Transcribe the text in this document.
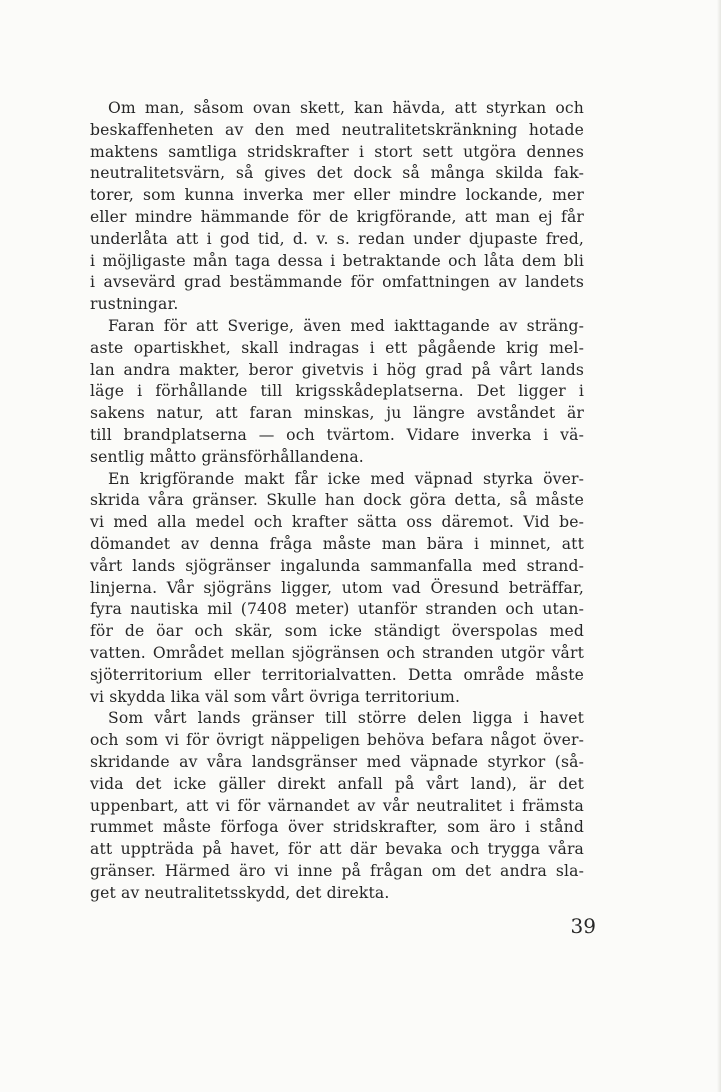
Om man, såsom ovan skett, kan hävda, att styrkan och
beskaffenheten av den med neutralitetskränkning hotade
maktens samtliga stridskrafter i stort sett utgöra dennes
neutralitetsvärn, så gives det dock så många skilda fak-
torer, som kunna inverka mer eller mindre lockande, mer
eller mindre hämmande för de krigförande, att man ej får
underlåta att i god tid, d. v. s. redan under djupaste fred,
i möjligaste mån taga dessa i betraktande och låta dem bli
i avsevärd grad bestämmande för omfattningen av landets
rustningar.
Faran för att Sverige, även med iakttagande av sträng-
aste opartiskhet, skall indragas i ett pågående krig mel-
lan andra makter, beror givetvis i hög grad på vårt lands
läge i förhållande till krigsskådeplatserna. Det ligger i
sakens natur, att faran minskas, ju längre avståndet är
till brandplatserna — och tvärtom. Vidare inverka i vä-
sentlig måtto gränsförhållandena.
En krigförande makt får icke med väpnad styrka över-
skrida våra gränser. Skulle han dock göra detta, så måste
vi med alla medel och krafter sätta oss däremot. Vid be-
dömandet av denna fråga måste man bära i minnet, att
vårt lands sjögränser ingalunda sammanfalla med strand-
linjerna. Vår sjögräns ligger, utom vad Öresund beträffar,
fyra nautiska mil (7408 meter) utanför stranden och utan-
för de öar och skär, som icke ständigt överspolas med
vatten. Området mellan sjögränsen och stranden utgör vårt
sjöterritorium eller territorialvatten. Detta område måste
vi skydda lika väl som vårt övriga territorium.
Som vårt lands gränser till större delen ligga i havet
och som vi för övrigt näppeligen behöva befara något över-
skridande av våra landsgränser med väpnade styrkor (så-
vida det icke gäller direkt anfall på vårt land), är det
uppenbart, att vi för värnandet av vår neutralitet i främsta
rummet måste förfoga över stridskrafter, som äro i stånd
att uppträda på havet, för att där bevaka och trygga våra
gränser. Härmed äro vi inne på frågan om det andra sla-
get av neutralitetsskydd, det direkta.
39
